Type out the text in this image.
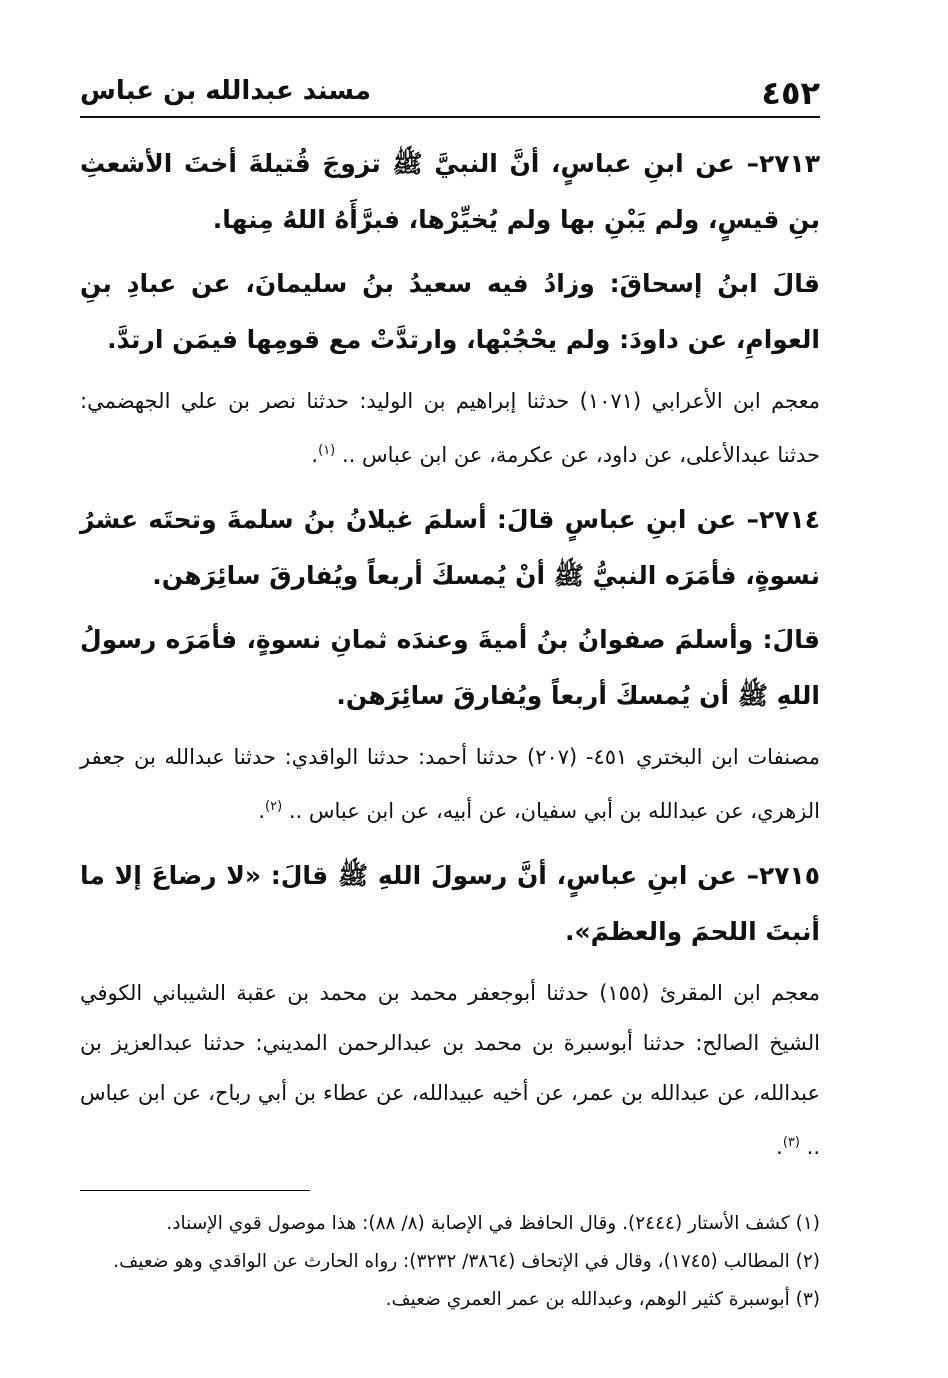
٤٥٢
مسند عبدالله بن عباس

٢٧١٣– عن ابنِ عباسٍ، أنَّ النبيَّ ﷺ تزوجَ قُتيلةَ أختَ الأشعثِ بنِ قيسٍ، ولم يَبْنِ بها ولم يُخيِّرْها، فبرَّأَهُ اللهُ مِنها.

قالَ ابنُ إسحاقَ: وزادُ فيه سعيدُ بنُ سليمانَ، عن عبادِ بنِ العوامِ، عن داودَ: ولم يحْجُبْها، وارتدَّتْ مع قومِها فيمَن ارتدَّ.

معجم ابن الأعرابي (١٠٧١) حدثنا إبراهيم بن الوليد: حدثنا نصر بن علي الجهضمي: حدثنا عبدالأعلى، عن داود، عن عكرمة، عن ابن عباس .. $^{(١)}$.

٢٧١٤– عن ابنِ عباسٍ قالَ: أسلمَ غيلانُ بنُ سلمةَ وتحتَه عشرُ نسوةٍ، فأمَرَه النبيُّ ﷺ أنْ يُمسكَ أربعاً ويُفارقَ سائِرَهن.

قالَ: وأسلمَ صفوانُ بنُ أميةَ وعندَه ثمانِ نسوةٍ، فأمَرَه رسولُ اللهِ ﷺ أن يُمسكَ أربعاً ويُفارقَ سائِرَهن.

مصنفات ابن البختري ٤٥١- (٢٠٧) حدثنا أحمد: حدثنا الواقدي: حدثنا عبدالله بن جعفر الزهري، عن عبدالله بن أبي سفيان، عن أبيه، عن ابن عباس .. $^{(٢)}$.

٢٧١٥– عن ابنِ عباسٍ، أنَّ رسولَ اللهِ ﷺ قالَ: «لا رضاعَ إلا ما أنبتَ اللحمَ والعظمَ».

معجم ابن المقرئ (١٥٥) حدثنا أبوجعفر محمد بن محمد بن عقبة الشيباني الكوفي الشيخ الصالح: حدثنا أبوسبرة بن محمد بن عبدالرحمن المديني: حدثنا عبدالعزيز بن عبدالله، عن عبدالله بن عمر، عن أخيه عبيدالله، عن عطاء بن أبي رباح، عن ابن عباس .. $^{(٣)}$.

(١) كشف الأستار (٢٤٤٤). وقال الحافظ في الإصابة (٨/ ٨٨): هذا موصول قوي الإسناد.

(٢) المطالب (١٧٤٥)، وقال في الإتحاف (٣٨٦٤/ ٣٢٣٢): رواه الحارث عن الواقدي وهو ضعيف.

(٣) أبوسبرة كثير الوهم، وعبدالله بن عمر العمري ضعيف.
